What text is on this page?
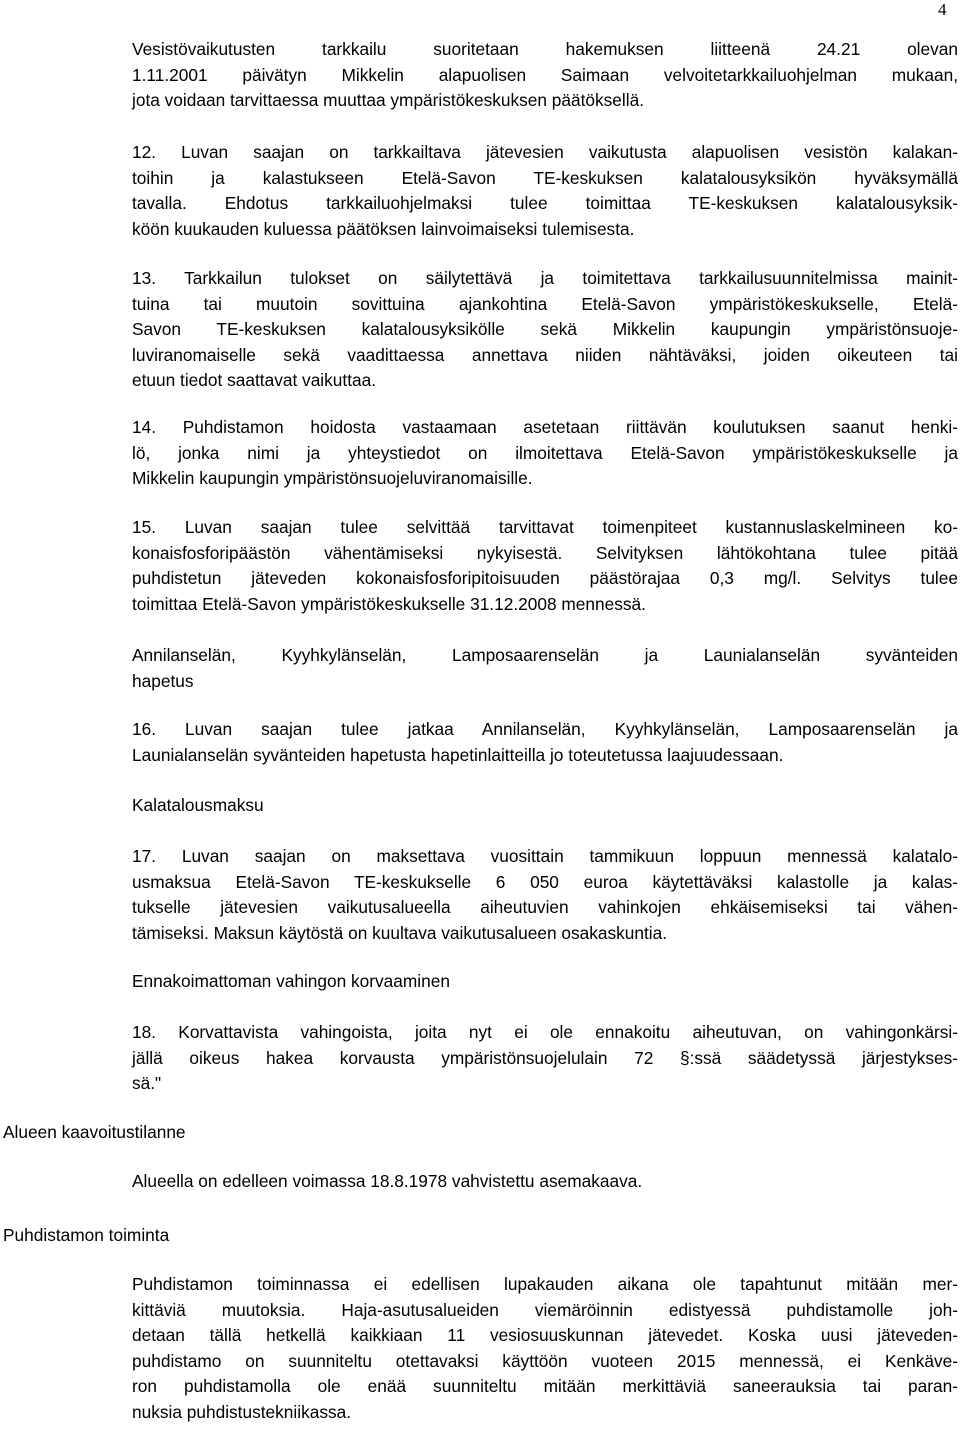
4

Vesistövaikutusten tarkkailu suoritetaan hakemuksen liitteenä 24.21 olevan

1.11.2001 päivätyn Mikkelin alapuolisen Saimaan velvoitetarkkailuohjelman mukaan,

jota voidaan tarvittaessa muuttaa ympäristökeskuksen päätöksellä.

12. Luvan saajan on tarkkailtava jätevesien vaikutusta alapuolisen vesistön kalakan-

toihin ja kalastukseen Etelä-Savon TE-keskuksen kalatalousyksikön hyväksymällä

tavalla. Ehdotus tarkkailuohjelmaksi tulee toimittaa TE-keskuksen kalatalousyksik-

köön kuukauden kuluessa päätöksen lainvoimaiseksi tulemisesta.

13. Tarkkailun tulokset on säilytettävä ja toimitettava tarkkailusuunnitelmissa mainit-

tuina tai muutoin sovittuina ajankohtina Etelä-Savon ympäristökeskukselle, Etelä-

Savon TE-keskuksen kalatalousyksikölle sekä Mikkelin kaupungin ympäristönsuoje-

luviranomaiselle sekä vaadittaessa annettava niiden nähtäväksi, joiden oikeuteen tai

etuun tiedot saattavat vaikuttaa.

14. Puhdistamon hoidosta vastaamaan asetetaan riittävän koulutuksen saanut henki-

lö, jonka nimi ja yhteystiedot on ilmoitettava Etelä-Savon ympäristökeskukselle ja

Mikkelin kaupungin ympäristönsuojeluviranomaisille.

15. Luvan saajan tulee selvittää tarvittavat toimenpiteet kustannuslaskelmineen ko-

konaisfosforipäästön vähentämiseksi nykyisestä. Selvityksen lähtökohtana tulee pitää

puhdistetun jäteveden kokonaisfosforipitoisuuden päästörajaa 0,3 mg/l. Selvitys tulee

toimittaa Etelä-Savon ympäristökeskukselle 31.12.2008 mennessä.

Annilanselän, Kyyhkylänselän, Lamposaarenselän ja Launialanselän syvänteiden

hapetus

16. Luvan saajan tulee jatkaa Annilanselän, Kyyhkylänselän, Lamposaarenselän ja

Launialanselän syvänteiden hapetusta hapetinlaitteilla jo toteutetussa laajuudessaan.

Kalatalousmaksu

17. Luvan saajan on maksettava vuosittain tammikuun loppuun mennessä kalatalo-

usmaksua Etelä-Savon TE-keskukselle 6 050 euroa käytettäväksi kalastolle ja kalas-

tukselle jätevesien vaikutusalueella aiheutuvien vahinkojen ehkäisemiseksi tai vähen-

tämiseksi. Maksun käytöstä on kuultava vaikutusalueen osakaskuntia.

Ennakoimattoman vahingon korvaaminen

18. Korvattavista vahingoista, joita nyt ei ole ennakoitu aiheutuvan, on vahingonkärsi-

jällä oikeus hakea korvausta ympäristönsuojelulain 72 §:ssä säädetyssä järjestykses-

sä."

Alueen kaavoitustilanne

Alueella on edelleen voimassa 18.8.1978 vahvistettu asemakaava.

Puhdistamon toiminta

Puhdistamon toiminnassa ei edellisen lupakauden aikana ole tapahtunut mitään mer-

kittäviä muutoksia. Haja-asutusalueiden viemäröinnin edistyessä puhdistamolle joh-

detaan tällä hetkellä kaikkiaan 11 vesiosuuskunnan jätevedet. Koska uusi jäteveden-

puhdistamo on suunniteltu otettavaksi käyttöön vuoteen 2015 mennessä, ei Kenkäve-

ron puhdistamolla ole enää suunniteltu mitään merkittäviä saneerauksia tai paran-

nuksia puhdistustekniikassa.
